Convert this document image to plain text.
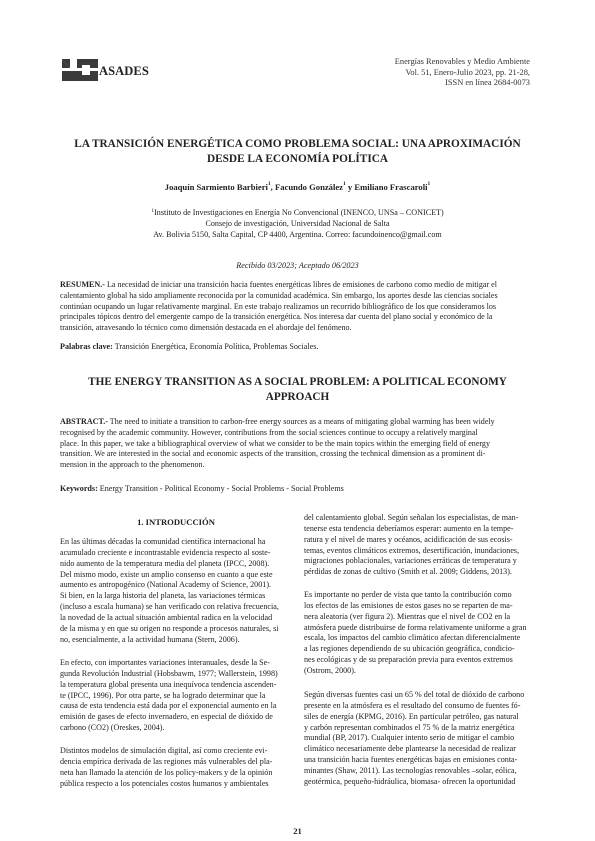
ASADES
Energías Renovables y Medio Ambiente
Vol. 51, Enero-Julio 2023, pp. 21-28,
ISSN en línea 2684-0073
LA TRANSICIÓN ENERGÉTICA COMO PROBLEMA SOCIAL: UNA APROXIMACIÓN
DESDE LA ECONOMÍA POLÍTICA
Joaquín Sarmiento Barbieri$^1$, Facundo González$^1$ y Emiliano Frascaroli$^1$
$^1$Instituto de Investigaciones en Energía No Convencional (INENCO, UNSa – CONICET)
Consejo de investigación, Universidad Nacional de Salta
Av. Bolivia 5150, Salta Capital, CP 4400, Argentina. Correo: facundoinenco@gmail.com
Recibido 03/2023; Aceptado 06/2023
RESUMEN.- La necesidad de iniciar una transición hacia fuentes energéticas libres de emisiones de carbono como medio de mitigar el
calentamiento global ha sido ampliamente reconocida por la comunidad académica. Sin embargo, los aportes desde las ciencias sociales
continúan ocupando un lugar relativamente marginal. En este trabajo realizamos un recorrido bibliográfico de los que consideramos los
principales tópicos dentro del emergente campo de la transición energética. Nos interesa dar cuenta del plano social y económico de la
transición, atravesando lo técnico como dimensión destacada en el abordaje del fenómeno.
Palabras clave: Transición Energética, Economía Política, Problemas Sociales.
THE ENERGY TRANSITION AS A SOCIAL PROBLEM: A POLITICAL ECONOMY
APPROACH
ABSTRACT.- The need to initiate a transition to carbon-free energy sources as a means of mitigating global warming has been widely
recognised by the academic community. However, contributions from the social sciences continue to occupy a relatively marginal
place. In this paper, we take a bibliographical overview of what we consider to be the main topics within the emerging field of energy
transition. We are interested in the social and economic aspects of the transition, crossing the technical dimension as a prominent di-
mension in the approach to the phenomenon.
Keywords: Energy Transition - Political Economy - Social Problems - Social Problems
1. INTRODUCCIÓN
En las últimas décadas la comunidad científica internacional ha
acumulado creciente e incontrastable evidencia respecto al soste-
nido aumento de la temperatura media del planeta (IPCC, 2008).
Del mismo modo, existe un amplio consenso en cuanto a que este
aumento es antropogénico (National Academy of Science, 2001).
Si bien, en la larga historia del planeta, las variaciones térmicas
(incluso a escala humana) se han verificado con relativa frecuencia,
la novedad de la actual situación ambiental radica en la velocidad
de la misma y en que su origen no responde a procesos naturales, si
no, esencialmente, a la actividad humana (Stern, 2006).
En efecto, con importantes variaciones interanuales, desde la Se-
gunda Revolución Industrial (Hobsbawm, 1977; Wallerstein, 1998)
la temperatura global presenta una inequívoca tendencia ascenden-
te (IPCC, 1996). Por otra parte, se ha logrado determinar que la
causa de esta tendencia está dada por el exponencial aumento en la
emisión de gases de efecto invernadero, en especial de dióxido de
carbono (CO2) (Oreskes, 2004).
Distintos modelos de simulación digital, así como creciente evi-
dencia empírica derivada de las regiones más vulnerables del pla-
neta han llamado la atención de los policy-makers y de la opinión
pública respecto a los potenciales costos humanos y ambientales
del calentamiento global. Según señalan los especialistas, de man-
tenerse esta tendencia deberíamos esperar: aumento en la tempe-
ratura y el nivel de mares y océanos, acidificación de sus ecosis-
temas, eventos climáticos extremos, desertificación, inundaciones,
migraciones poblacionales, variaciones erráticas de temperatura y
pérdidas de zonas de cultivo (Smith et al. 2009; Giddens, 2013).
Es importante no perder de vista que tanto la contribución como
los efectos de las emisiones de estos gases no se reparten de ma-
nera aleatoria (ver figura 2). Mientras que el nivel de CO2 en la
atmósfera puede distribuirse de forma relativamente uniforme a gran
escala, los impactos del cambio climático afectan diferencialmente
a las regiones dependiendo de su ubicación geográfica, condicio-
nes ecológicas y de su preparación previa para eventos extremos
(Ostrom, 2000).
Según diversas fuentes casi un 65 % del total de dióxido de carbono
presente en la atmósfera es el resultado del consumo de fuentes fó-
siles de energía (KPMG, 2016). En particular petróleo, gas natural
y carbón representan combinados el 75 % de la matriz energética
mundial (BP, 2017). Cualquier intento serio de mitigar el cambio
climático necesariamente debe plantearse la necesidad de realizar
una transición hacia fuentes energéticas bajas en emisiones conta-
minantes (Shaw, 2011). Las tecnologías renovables –solar, eólica,
geotérmica, pequeño-hidráulica, biomasa- ofrecen la oportunidad
21
